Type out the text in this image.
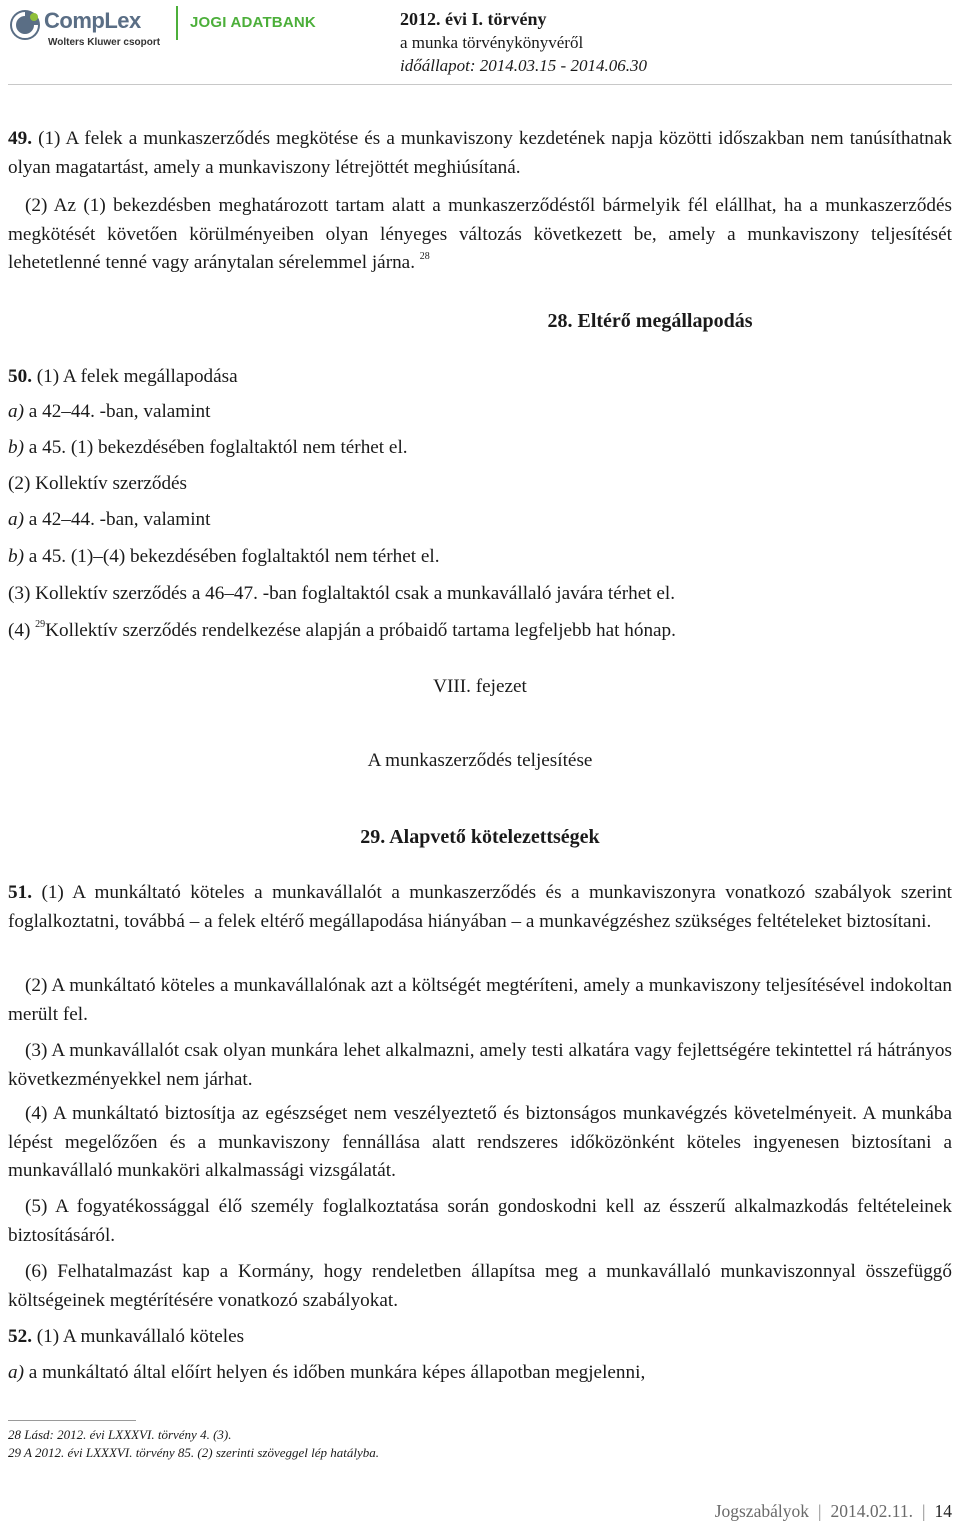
CompLex
Wolters Kluwer csoport
JOGI ADATBANK	2012. évi I. törvény
a munka törvénykönyvéről
időállapot: 2014.03.15 - 2014.06.30
49. (1) A felek a munkaszerződés megkötése és a munkaviszony kezdetének napja közötti időszakban nem tanúsíthatnak olyan magatartást, amely a munkaviszony létrejöttét meghiúsítaná.
(2) Az (1) bekezdésben meghatározott tartam alatt a munkaszerződéstől bármelyik fél elállhat, ha a munkaszerződés megkötését követően körülményeiben olyan lényeges változás következett be, amely a munkaviszony teljesítését lehetetlenné tenné vagy aránytalan sérelemmel járna. $^{28}$
28. Eltérő megállapodás
50. (1) A felek megállapodása
a) a 42–44. -ban, valamint
b) a 45. (1) bekezdésében foglaltaktól nem térhet el.
(2) Kollektív szerződés
a) a 42–44. -ban, valamint
b) a 45. (1)–(4) bekezdésében foglaltaktól nem térhet el.
(3) Kollektív szerződés a 46–47. -ban foglaltaktól csak a munkavállaló javára térhet el.
(4) $^{29}$Kollektív szerződés rendelkezése alapján a próbaidő tartama legfeljebb hat hónap.
VIII. fejezet
A munkaszerződés teljesítése
29. Alapvető kötelezettségek
51. (1) A munkáltató köteles a munkavállalót a munkaszerződés és a munkaviszonyra vonatkozó szabályok szerint foglalkoztatni, továbbá – a felek eltérő megállapodása hiányában – a munkavégzéshez szükséges feltételeket biztosítani.
(2) A munkáltató köteles a munkavállalónak azt a költségét megtéríteni, amely a munkaviszony teljesítésével indokoltan merült fel.
(3) A munkavállalót csak olyan munkára lehet alkalmazni, amely testi alkatára vagy fejlettségére tekintettel rá hátrányos következményekkel nem járhat.
(4) A munkáltató biztosítja az egészséget nem veszélyeztető és biztonságos munkavégzés követelményeit. A munkába lépést megelőzően és a munkaviszony fennállása alatt rendszeres időközönként köteles ingyenesen biztosítani a munkavállaló munkaköri alkalmassági vizsgálatát.
(5) A fogyatékossággal élő személy foglalkoztatása során gondoskodni kell az ésszerű alkalmazkodás feltételeinek biztosításáról.
(6) Felhatalmazást kap a Kormány, hogy rendeletben állapítsa meg a munkavállaló munkaviszonnyal összefüggő költségeinek megtérítésére vonatkozó szabályokat.
52. (1) A munkavállaló köteles
a) a munkáltató által előírt helyen és időben munkára képes állapotban megjelenni,
28 Lásd: 2012. évi LXXXVI. törvény 4. (3).
29 A 2012. évi LXXXVI. törvény 85. (2) szerinti szöveggel lép hatályba.
Jogszabályok | 2014.02.11. | 14
